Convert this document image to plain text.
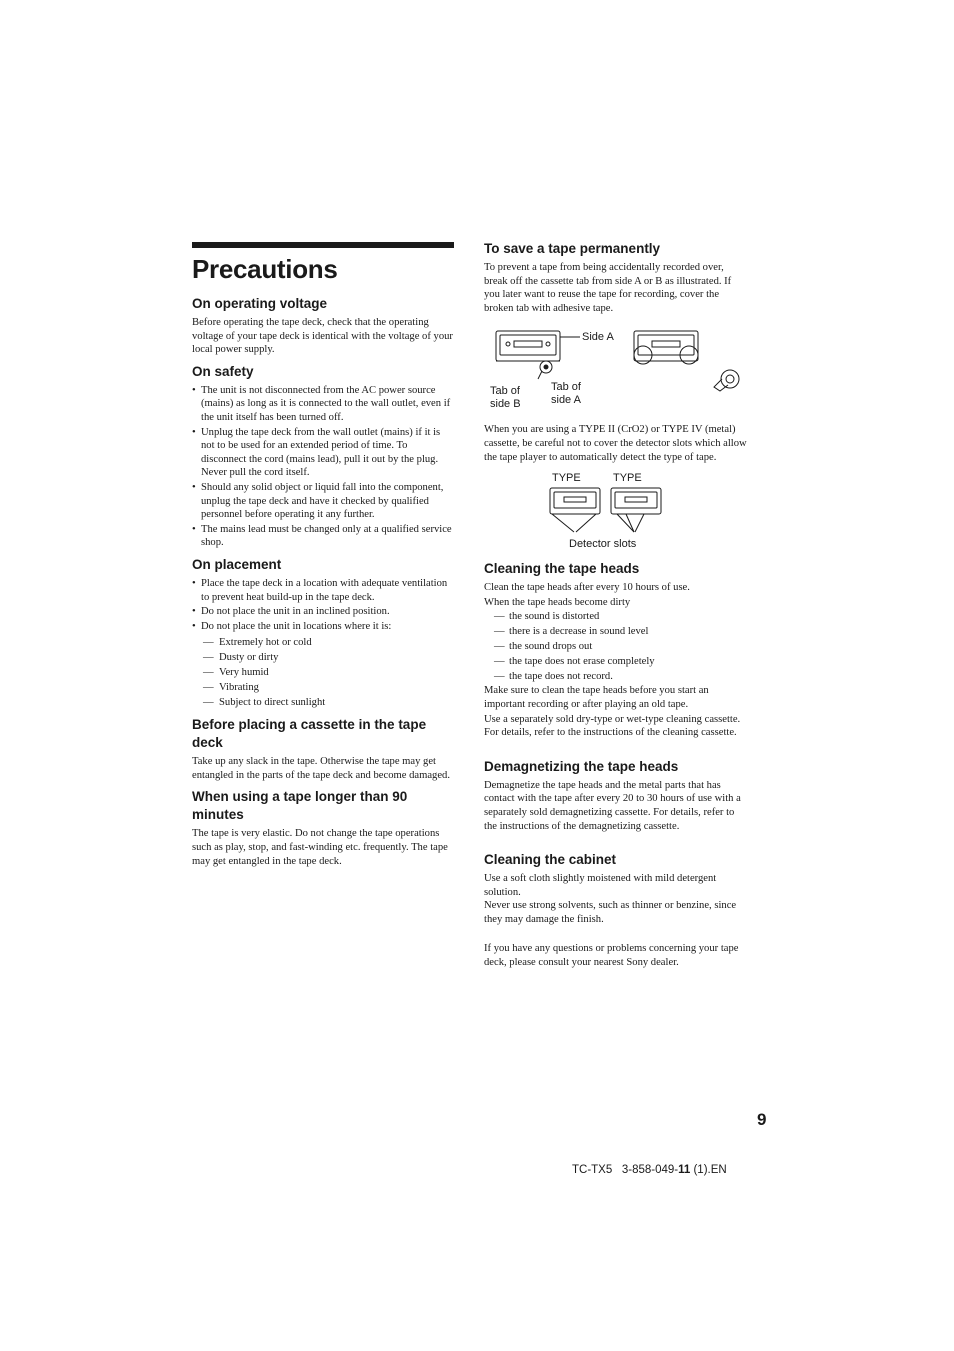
Precautions
On operating voltage

Before operating the tape deck, check that the operating voltage of your tape deck is identical with the voltage of your local power supply.

On safety
• The unit is not disconnected from the AC power source (mains) as long as it is connected to the wall outlet, even if the unit itself has been turned off.
• Unplug the tape deck from the wall outlet (mains) if it is not to be used for an extended period of time. To disconnect the cord (mains lead), pull it out by the plug. Never pull the cord itself.
• Should any solid object or liquid fall into the component, unplug the tape deck and have it checked by qualified personnel before operating it any further.
• The mains lead must be changed only at a qualified service shop.
On placement
• Place the tape deck in a location with adequate ventilation to prevent heat build-up in the tape deck.
• Do not place the unit in an inclined position.
• Do not place the unit in locations where it is:
— Extremely hot or cold
— Dusty or dirty
— Very humid
— Vibrating
— Subject to direct sunlight
Before placing a cassette in the tape deck

Take up any slack in the tape. Otherwise the tape may get entangled in the parts of the tape deck and become damaged.

When using a tape longer than 90 minutes

The tape is very elastic. Do not change the tape operations such as play, stop, and fast-winding etc. frequently. The tape may get entangled in the tape deck.

To save a tape permanently

To prevent a tape from being accidentally recorded over, break off the cassette tab from side A or B as illustrated. If you later want to reuse the tape for recording, cover the broken tab with adhesive tape.

Side A
Tab of side B
Tab of side A

When you are using a TYPE II (CrO2) or TYPE IV (metal) cassette, be careful not to cover the detector slots which allow the tape player to automatically detect the type of tape.

TYPE	TYPE
Detector slots
Cleaning the tape heads

Clean the tape heads after every 10 hours of use.

When the tape heads become dirty

— the sound is distorted
— there is a decrease in sound level
— the sound drops out
— the tape does not erase completely
— the tape does not record.

Make sure to clean the tape heads before you start an important recording or after playing an old tape.

Use a separately sold dry-type or wet-type cleaning cassette. For details, refer to the instructions of the cleaning cassette.

Demagnetizing the tape heads

Demagnetize the tape heads and the metal parts that has contact with the tape after every 20 to 30 hours of use with a separately sold demagnetizing cassette. For details, refer to the instructions of the demagnetizing cassette.

Cleaning the cabinet

Use a soft cloth slightly moistened with mild detergent solution.

Never use strong solvents, such as thinner or benzine, since they may damage the finish.

If you have any questions or problems concerning your tape deck, please consult your nearest Sony dealer.

9
TC-TX5 3-858-049-11 (1).EN
